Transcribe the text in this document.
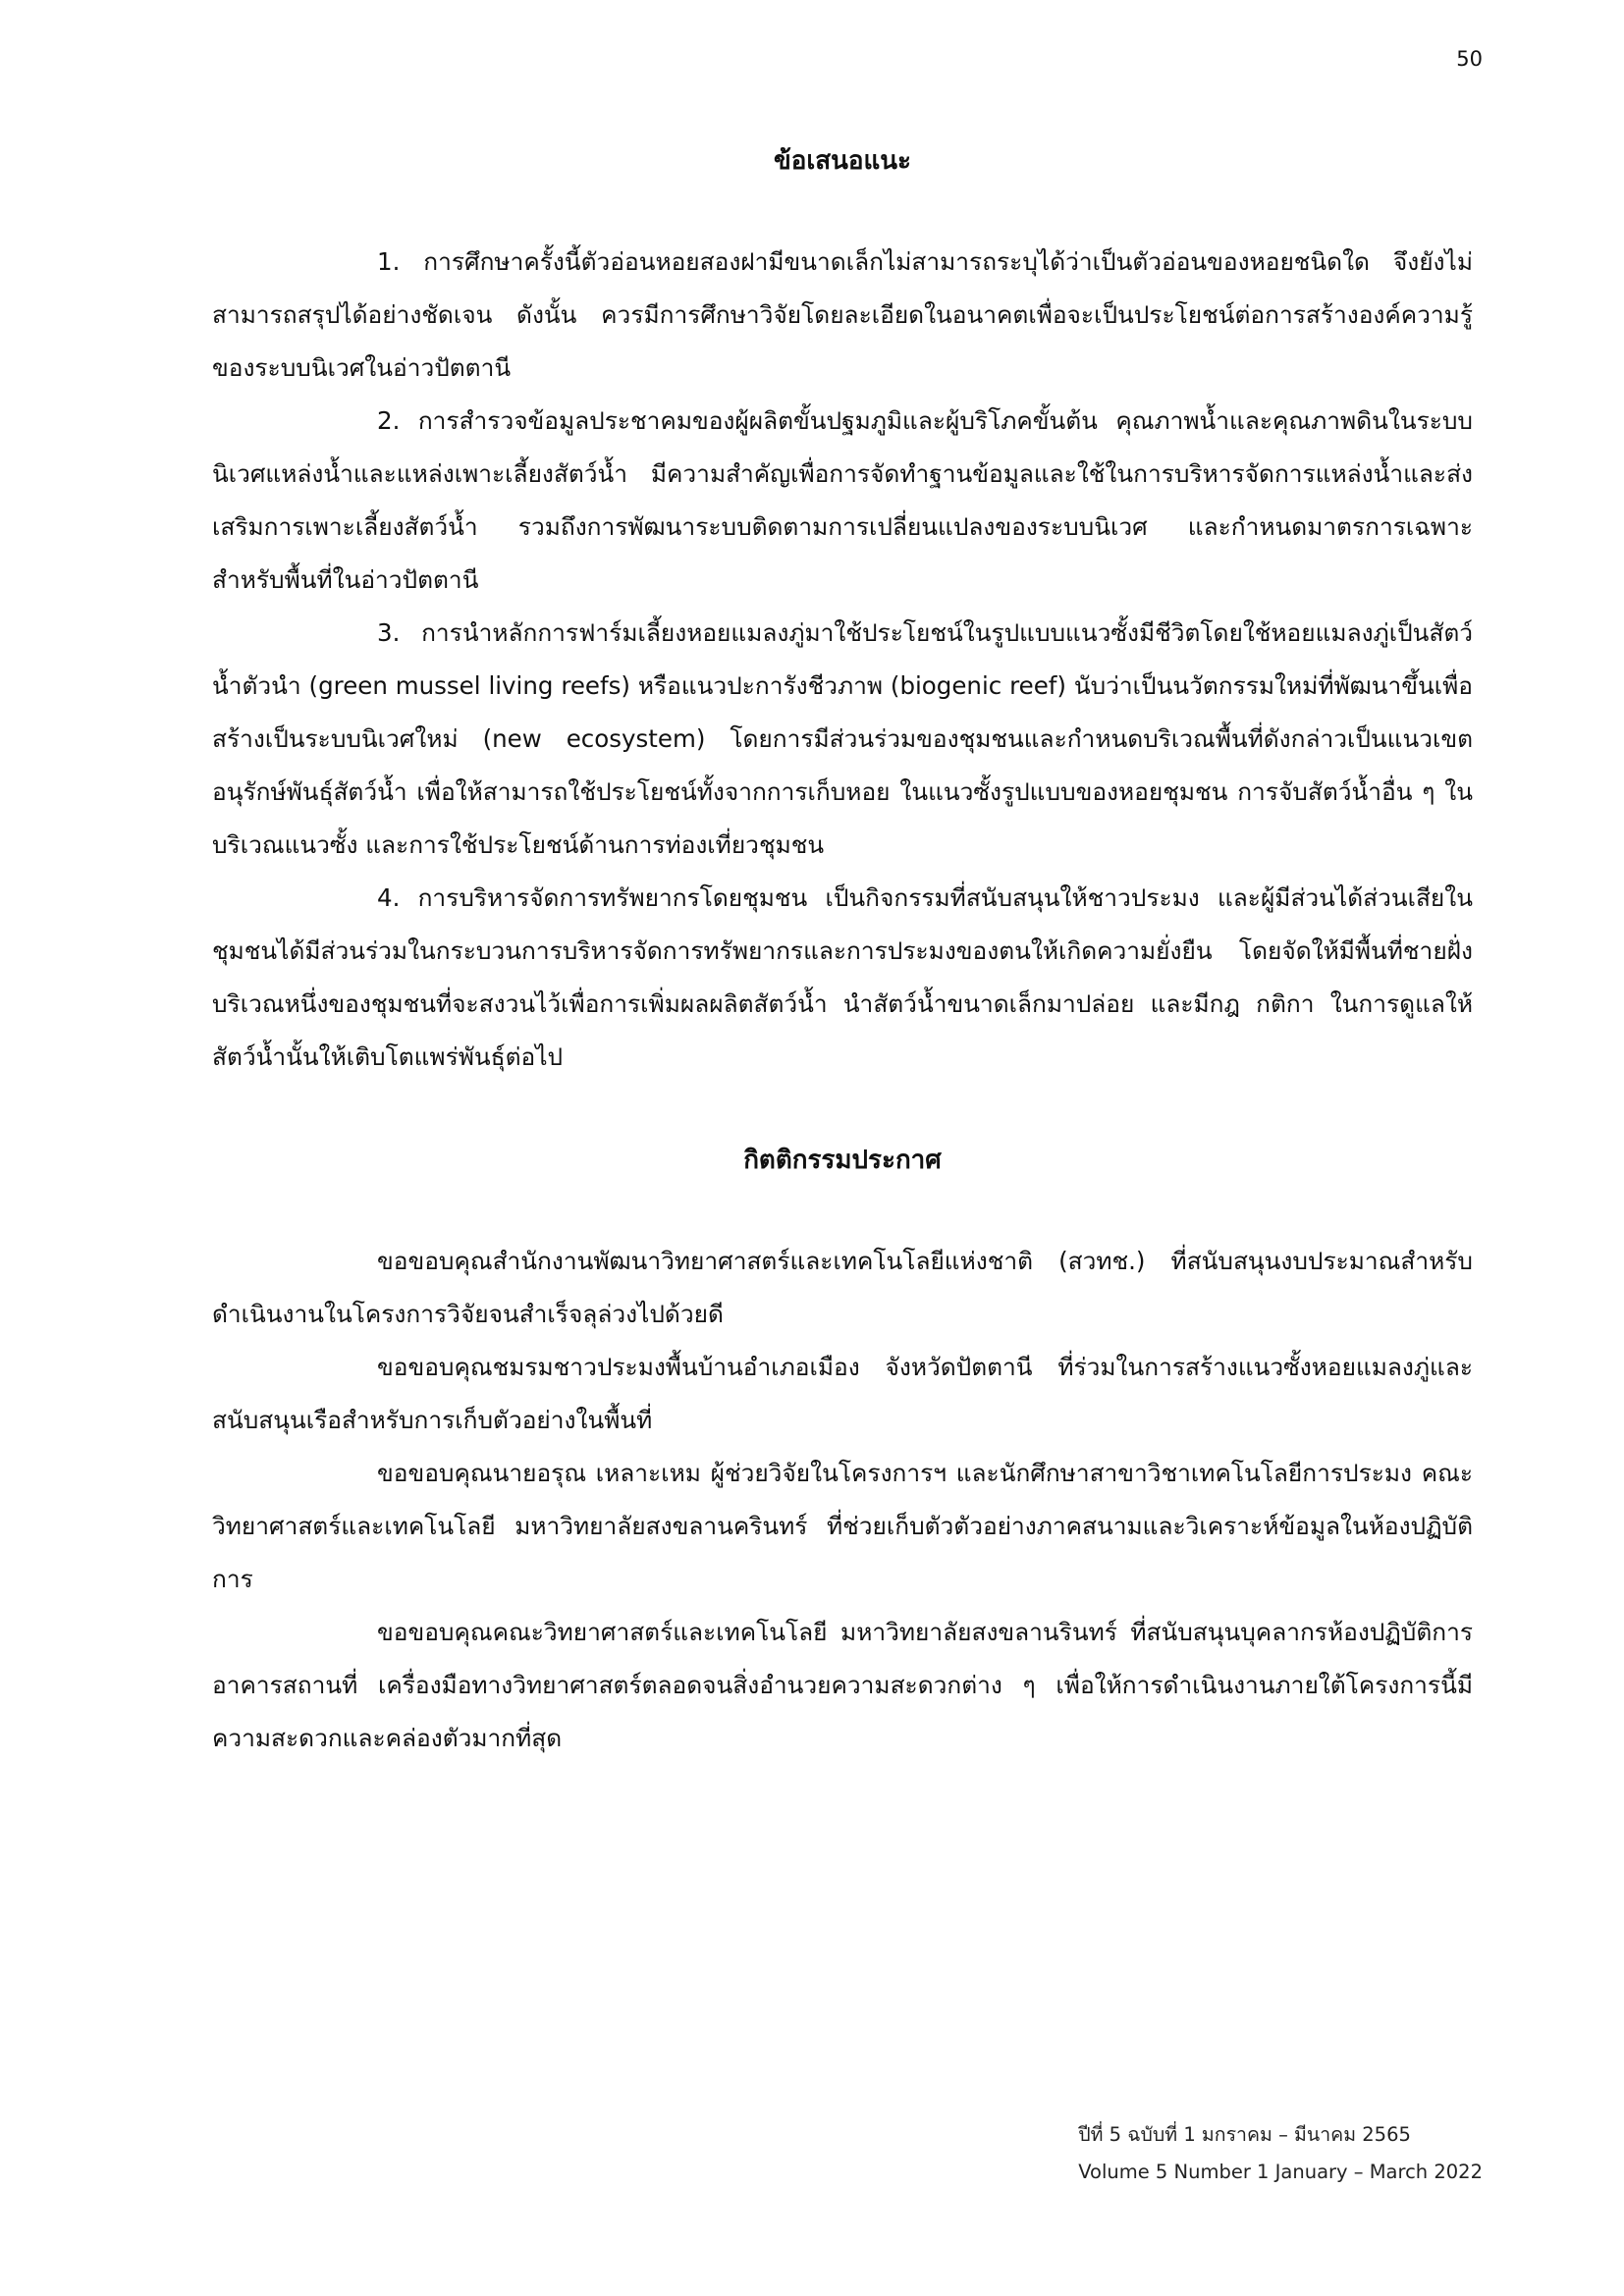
50
ข้อเสนอแนะ

1. การศึกษาครั้งนี้ตัวอ่อนหอยสองฝามีขนาดเล็กไม่สามารถระบุได้ว่าเป็นตัวอ่อนของหอยชนิดใด จึงยังไม่สามารถสรุปได้อย่างชัดเจน ดังนั้น ควรมีการศึกษาวิจัยโดยละเอียดในอนาคตเพื่อจะเป็นประโยชน์ต่อการสร้างองค์ความรู้ของระบบนิเวศในอ่าวปัตตานี

2. การสำรวจข้อมูลประชาคมของผู้ผลิตขั้นปฐมภูมิและผู้บริโภคขั้นต้น คุณภาพน้ำและคุณภาพดินในระบบนิเวศแหล่งน้ำและแหล่งเพาะเลี้ยงสัตว์น้ำ มีความสำคัญเพื่อการจัดทำฐานข้อมูลและใช้ในการบริหารจัดการแหล่งน้ำและส่งเสริมการเพาะเลี้ยงสัตว์น้ำ รวมถึงการพัฒนาระบบติดตามการเปลี่ยนแปลงของระบบนิเวศ และกำหนดมาตรการเฉพาะสำหรับพื้นที่ในอ่าวปัตตานี

3. การนำหลักการฟาร์มเลี้ยงหอยแมลงภู่มาใช้ประโยชน์ในรูปแบบแนวซั้งมีชีวิตโดยใช้หอยแมลงภู่เป็นสัตว์น้ำตัวนำ (green mussel living reefs) หรือแนวปะการังชีวภาพ (biogenic reef) นับว่าเป็นนวัตกรรมใหม่ที่พัฒนาขึ้นเพื่อสร้างเป็นระบบนิเวศใหม่ (new ecosystem) โดยการมีส่วนร่วมของชุมชนและกำหนดบริเวณพื้นที่ดังกล่าวเป็นแนวเขตอนุรักษ์พันธุ์สัตว์น้ำ เพื่อให้สามารถใช้ประโยชน์ทั้งจากการเก็บหอย ในแนวซั้งรูปแบบของหอยชุมชน การจับสัตว์น้ำอื่น ๆ ในบริเวณแนวซั้ง และการใช้ประโยชน์ด้านการท่องเที่ยวชุมชน

4. การบริหารจัดการทรัพยากรโดยชุมชน เป็นกิจกรรมที่สนับสนุนให้ชาวประมง และผู้มีส่วนได้ส่วนเสียในชุมชนได้มีส่วนร่วมในกระบวนการบริหารจัดการทรัพยากรและการประมงของตนให้เกิดความยั่งยืน โดยจัดให้มีพื้นที่ชายฝั่งบริเวณหนึ่งของชุมชนที่จะสงวนไว้เพื่อการเพิ่มผลผลิตสัตว์น้ำ นำสัตว์น้ำขนาดเล็กมาปล่อย และมีกฎ กติกา ในการดูแลให้สัตว์น้ำนั้นให้เติบโตแพร่พันธุ์ต่อไป

กิตติกรรมประกาศ

ขอขอบคุณสำนักงานพัฒนาวิทยาศาสตร์และเทคโนโลยีแห่งชาติ (สวทช.) ที่สนับสนุนงบประมาณสำหรับดำเนินงานในโครงการวิจัยจนสำเร็จลุล่วงไปด้วยดี

ขอขอบคุณชมรมชาวประมงพื้นบ้านอำเภอเมือง จังหวัดปัตตานี ที่ร่วมในการสร้างแนวซั้งหอยแมลงภู่และสนับสนุนเรือสำหรับการเก็บตัวอย่างในพื้นที่

ขอขอบคุณนายอรุณ เหลาะเหม ผู้ช่วยวิจัยในโครงการฯ และนักศึกษาสาขาวิชาเทคโนโลยีการประมง คณะวิทยาศาสตร์และเทคโนโลยี มหาวิทยาลัยสงขลานครินทร์ ที่ช่วยเก็บตัวตัวอย่างภาคสนามและวิเคราะห์ข้อมูลในห้องปฏิบัติการ

ขอขอบคุณคณะวิทยาศาสตร์และเทคโนโลยี มหาวิทยาลัยสงขลานรินทร์ ที่สนับสนุนบุคลากรห้องปฏิบัติการ อาคารสถานที่ เครื่องมือทางวิทยาศาสตร์ตลอดจนสิ่งอำนวยความสะดวกต่าง ๆ เพื่อให้การดำเนินงานภายใต้โครงการนี้มีความสะดวกและคล่องตัวมากที่สุด

ปีที่ 5 ฉบับที่ 1 มกราคม – มีนาคม 2565
Volume 5 Number 1 January – March 2022
